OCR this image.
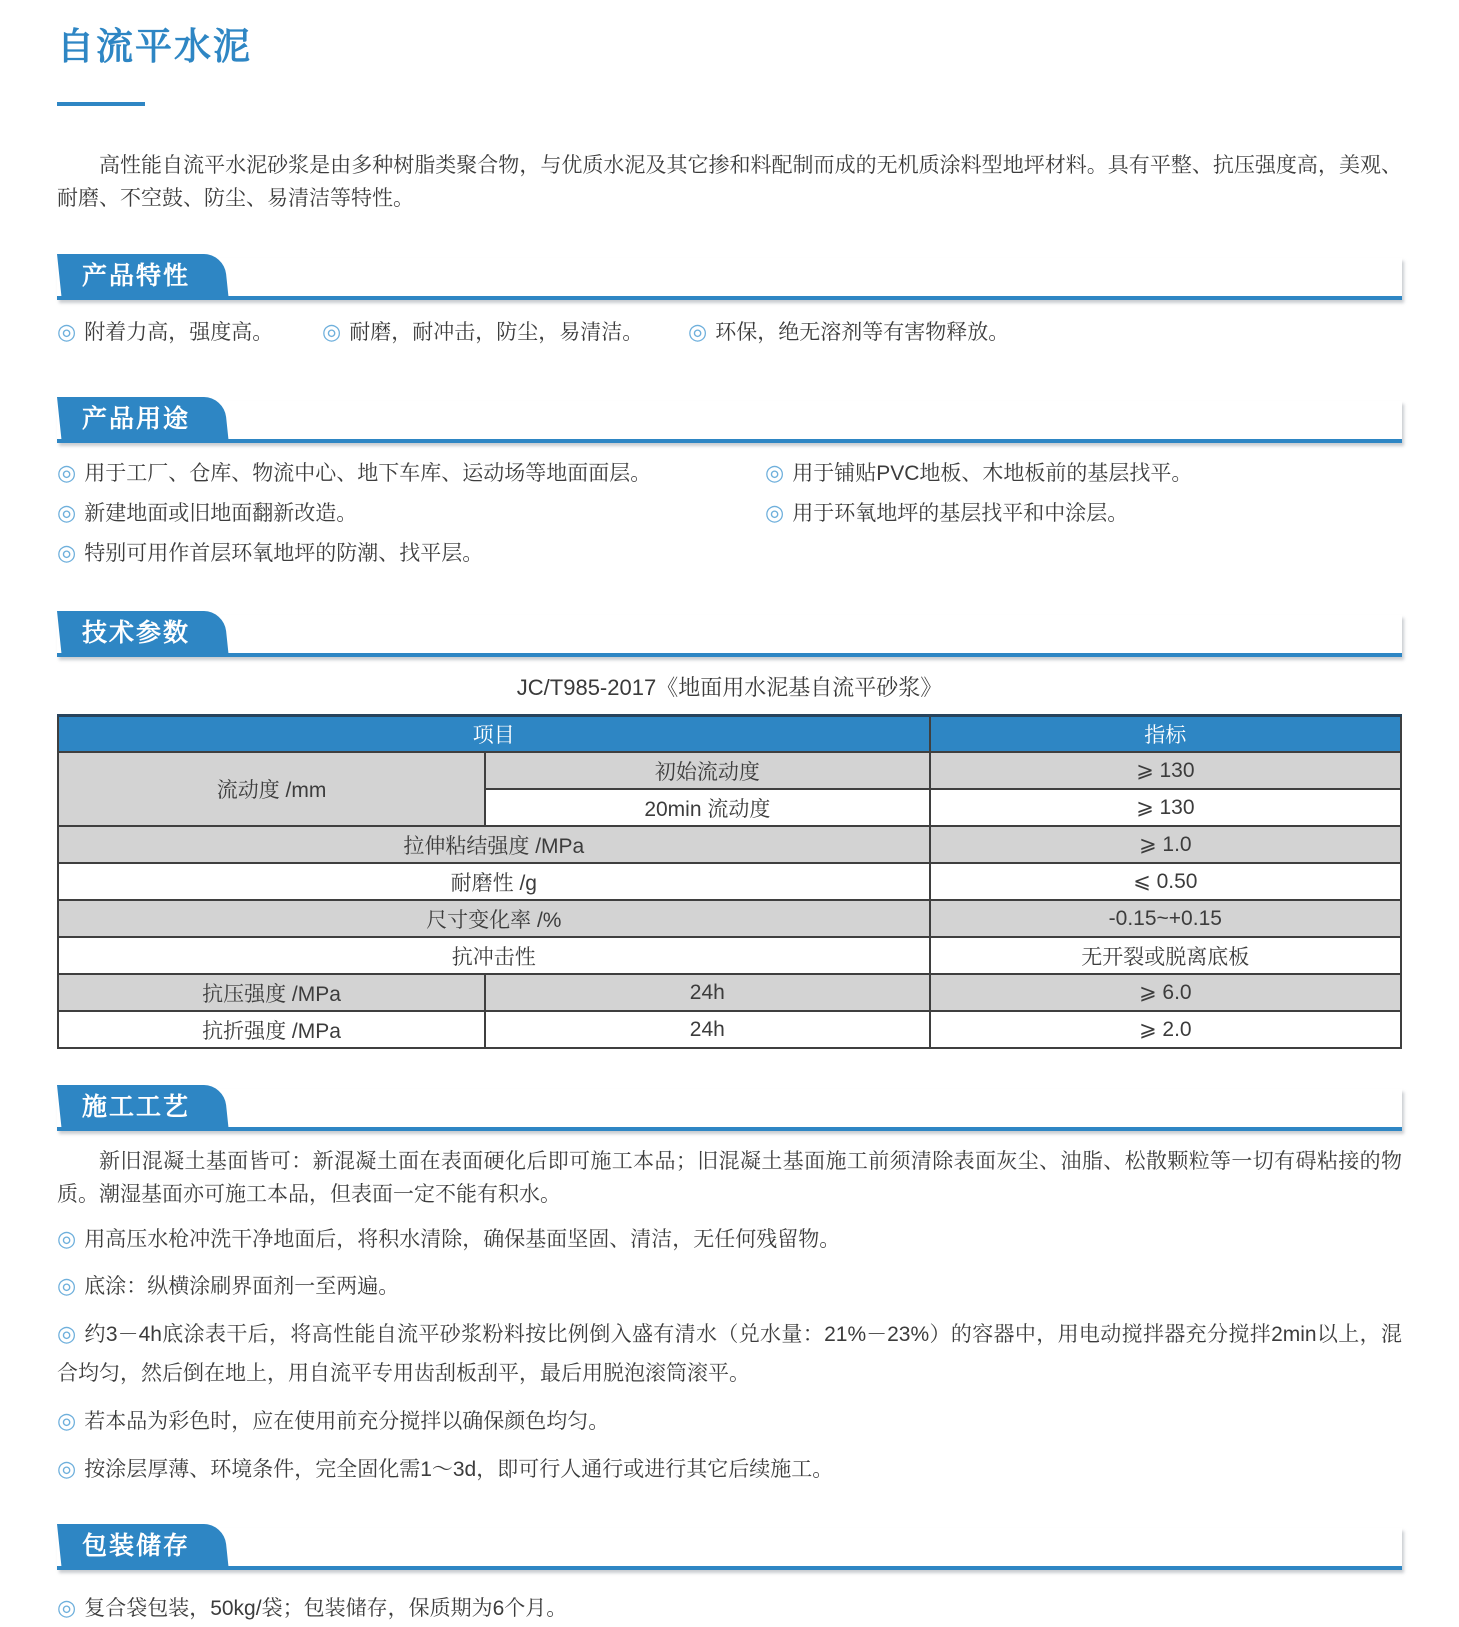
自流平水泥

高性能自流平水泥砂浆是由多种树脂类聚合物，与优质水泥及其它掺和料配制而成的无机质涂料型地坪材料。具有平整、抗压强度高，美观、耐磨、不空鼓、防尘、易清洁等特性。

产品特性
◎ 附着力高，强度高。	◎ 耐磨，耐冲击，防尘，易清洁。	◎ 环保，绝无溶剂等有害物释放。
产品用途
◎ 用于工厂、仓库、物流中心、地下车库、运动场等地面面层。
◎ 新建地面或旧地面翻新改造。
◎ 特别可用作首层环氧地坪的防潮、找平层。
◎ 用于铺贴PVC地板、木地板前的基层找平。
◎ 用于环氧地坪的基层找平和中涂层。
技术参数
JC/T985-2017《地面用水泥基自流平砂浆》
项目		指标
流动度 /mm	初始流动度	⩾ 130
	20min 流动度	⩾ 130
拉伸粘结强度 /MPa		⩾ 1.0
耐磨性 /g		⩽ 0.50
尺寸变化率 /%		-0.15~+0.15
抗冲击性		无开裂或脱离底板
抗压强度 /MPa	24h	⩾ 6.0
抗折强度 /MPa	24h	⩾ 2.0
施工工艺

新旧混凝土基面皆可：新混凝土面在表面硬化后即可施工本品；旧混凝土基面施工前须清除表面灰尘、油脂、松散颗粒等一切有碍粘接的物质。潮湿基面亦可施工本品，但表面一定不能有积水。

◎ 用高压水枪冲洗干净地面后，将积水清除，确保基面坚固、清洁，无任何残留物。
◎ 底涂：纵横涂刷界面剂一至两遍。
◎ 约3－4h底涂表干后，将高性能自流平砂浆粉料按比例倒入盛有清水（兑水量：21%－23%）的容器中，用电动搅拌器充分搅拌2min以上，混合均匀，然后倒在地上，用自流平专用齿刮板刮平，最后用脱泡滚筒滚平。
◎ 若本品为彩色时，应在使用前充分搅拌以确保颜色均匀。
◎ 按涂层厚薄、环境条件，完全固化需1～3d，即可行人通行或进行其它后续施工。
包装储存
◎ 复合袋包装，50kg/袋；包装储存，保质期为6个月。
